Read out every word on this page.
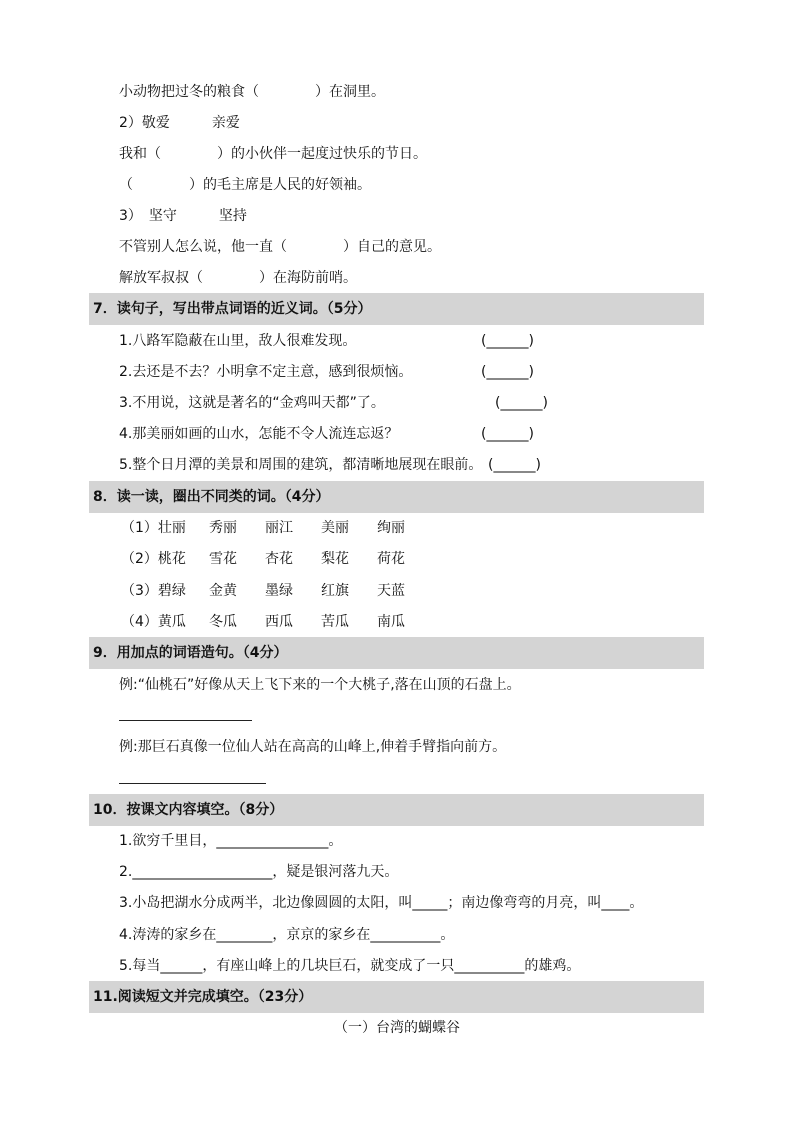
小动物把过冬的粮食（　　　　）在洞里。
2）敬爱　　　亲爱
我和（　　　　）的小伙伴一起度过快乐的节日。
（　　　　）的毛主席是人民的好领袖。
3）　坚守　　　坚持
不管别人怎么说，他一直（　　　　）自己的意见。
解放军叔叔（　　　　）在海防前哨。
7．读句子，写出带点词语的近义词。（5分）
1.八路军隐蔽在山里，敌人很难发现。	(______)
2.去还是不去？小明拿不定主意，感到很烦恼。	(______)
3.不用说，这就是著名的“金鸡叫天都”了。	(______)
4.那美丽如画的山水，怎能不令人流连忘返？	(______)
5.整个日月潭的美景和周围的建筑，都清晰地展现在眼前。 (______)
8．读一读，圈出不同类的词。（4分）
（1）壮丽 秀丽 丽江 美丽 绚丽
（2）桃花 雪花 杏花 梨花 荷花
（3）碧绿 金黄 墨绿 红旗 天蓝
（4）黄瓜 冬瓜 西瓜 苦瓜 南瓜
9．用加点的词语造句。（4分）
例:“仙桃石”好像从天上飞下来的一个大桃子,落在山顶的石盘上。
例:那巨石真像一位仙人站在高高的山峰上,伸着手臂指向前方。
10．按课文内容填空。（8分）
1.欲穷千里目，________________。
2.____________________，疑是银河落九天。
3.小岛把湖水分成两半，北边像圆圆的太阳，叫_____；南边像弯弯的月亮，叫____。
4.涛涛的家乡在________，京京的家乡在__________。
5.每当______，有座山峰上的几块巨石，就变成了一只__________的雄鸡。
11.阅读短文并完成填空。（23分）
（一）台湾的蝴蝶谷
